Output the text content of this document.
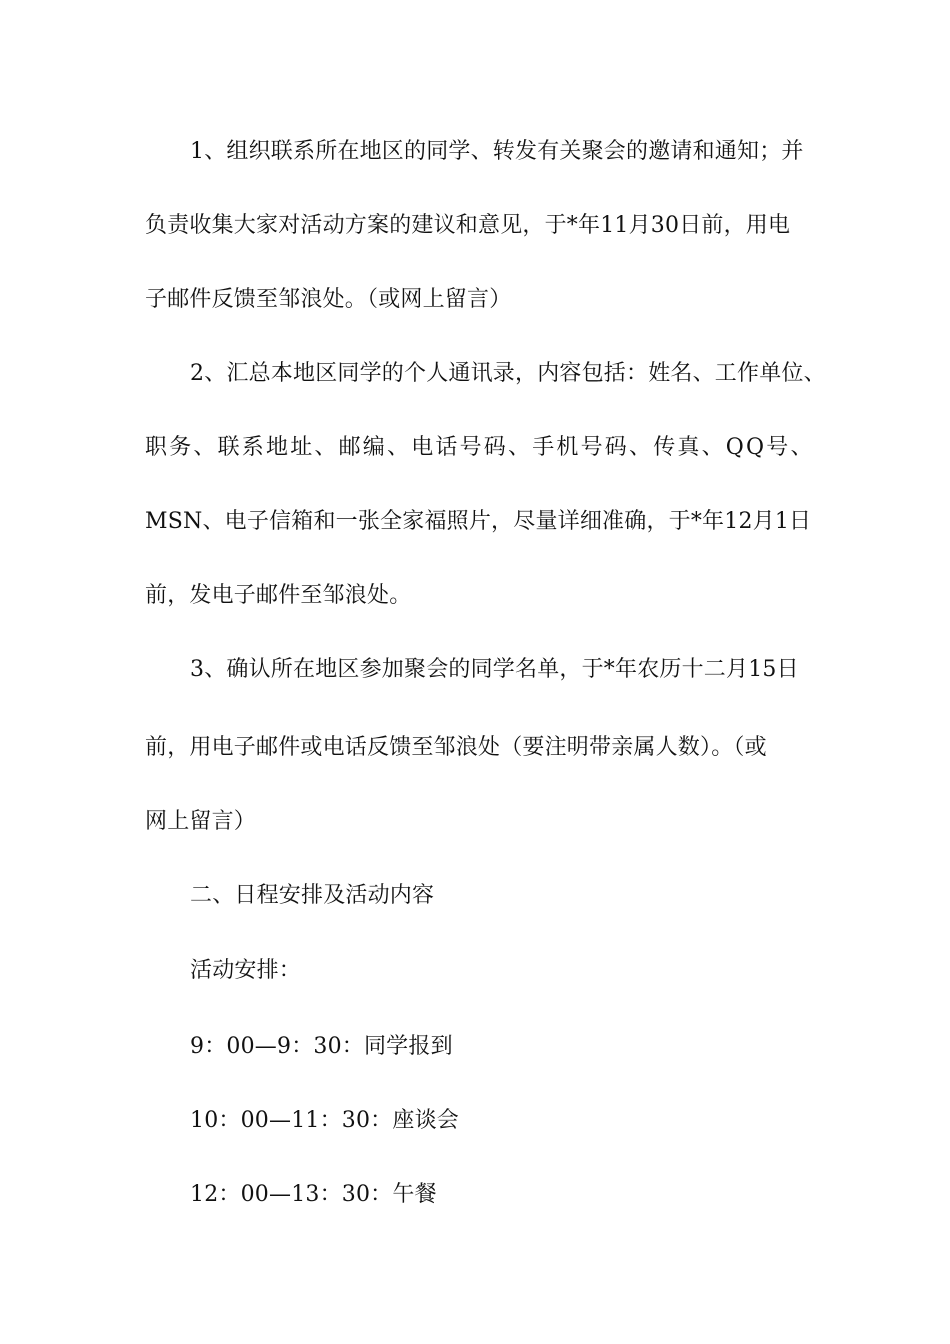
1、组织联系所在地区的同学、转发有关聚会的邀请和通知；并
负责收集大家对活动方案的建议和意见，于*年11月30日前，用电
子邮件反馈至邹浪处。（或网上留言）
2、汇总本地区同学的个人通讯录，内容包括：姓名、工作单位、
职务、联系地址、邮编、电话号码、手机号码、传真、QQ号、
MSN、电子信箱和一张全家福照片，尽量详细准确，于*年12月1日
前，发电子邮件至邹浪处。
3、确认所在地区参加聚会的同学名单，于*年农历十二月15日
前，用电子邮件或电话反馈至邹浪处（要注明带亲属人数）。（或
网上留言）
二、日程安排及活动内容
活动安排：
9：00—9：30：同学报到
10：00—11：30：座谈会
12：00—13：30：午餐
